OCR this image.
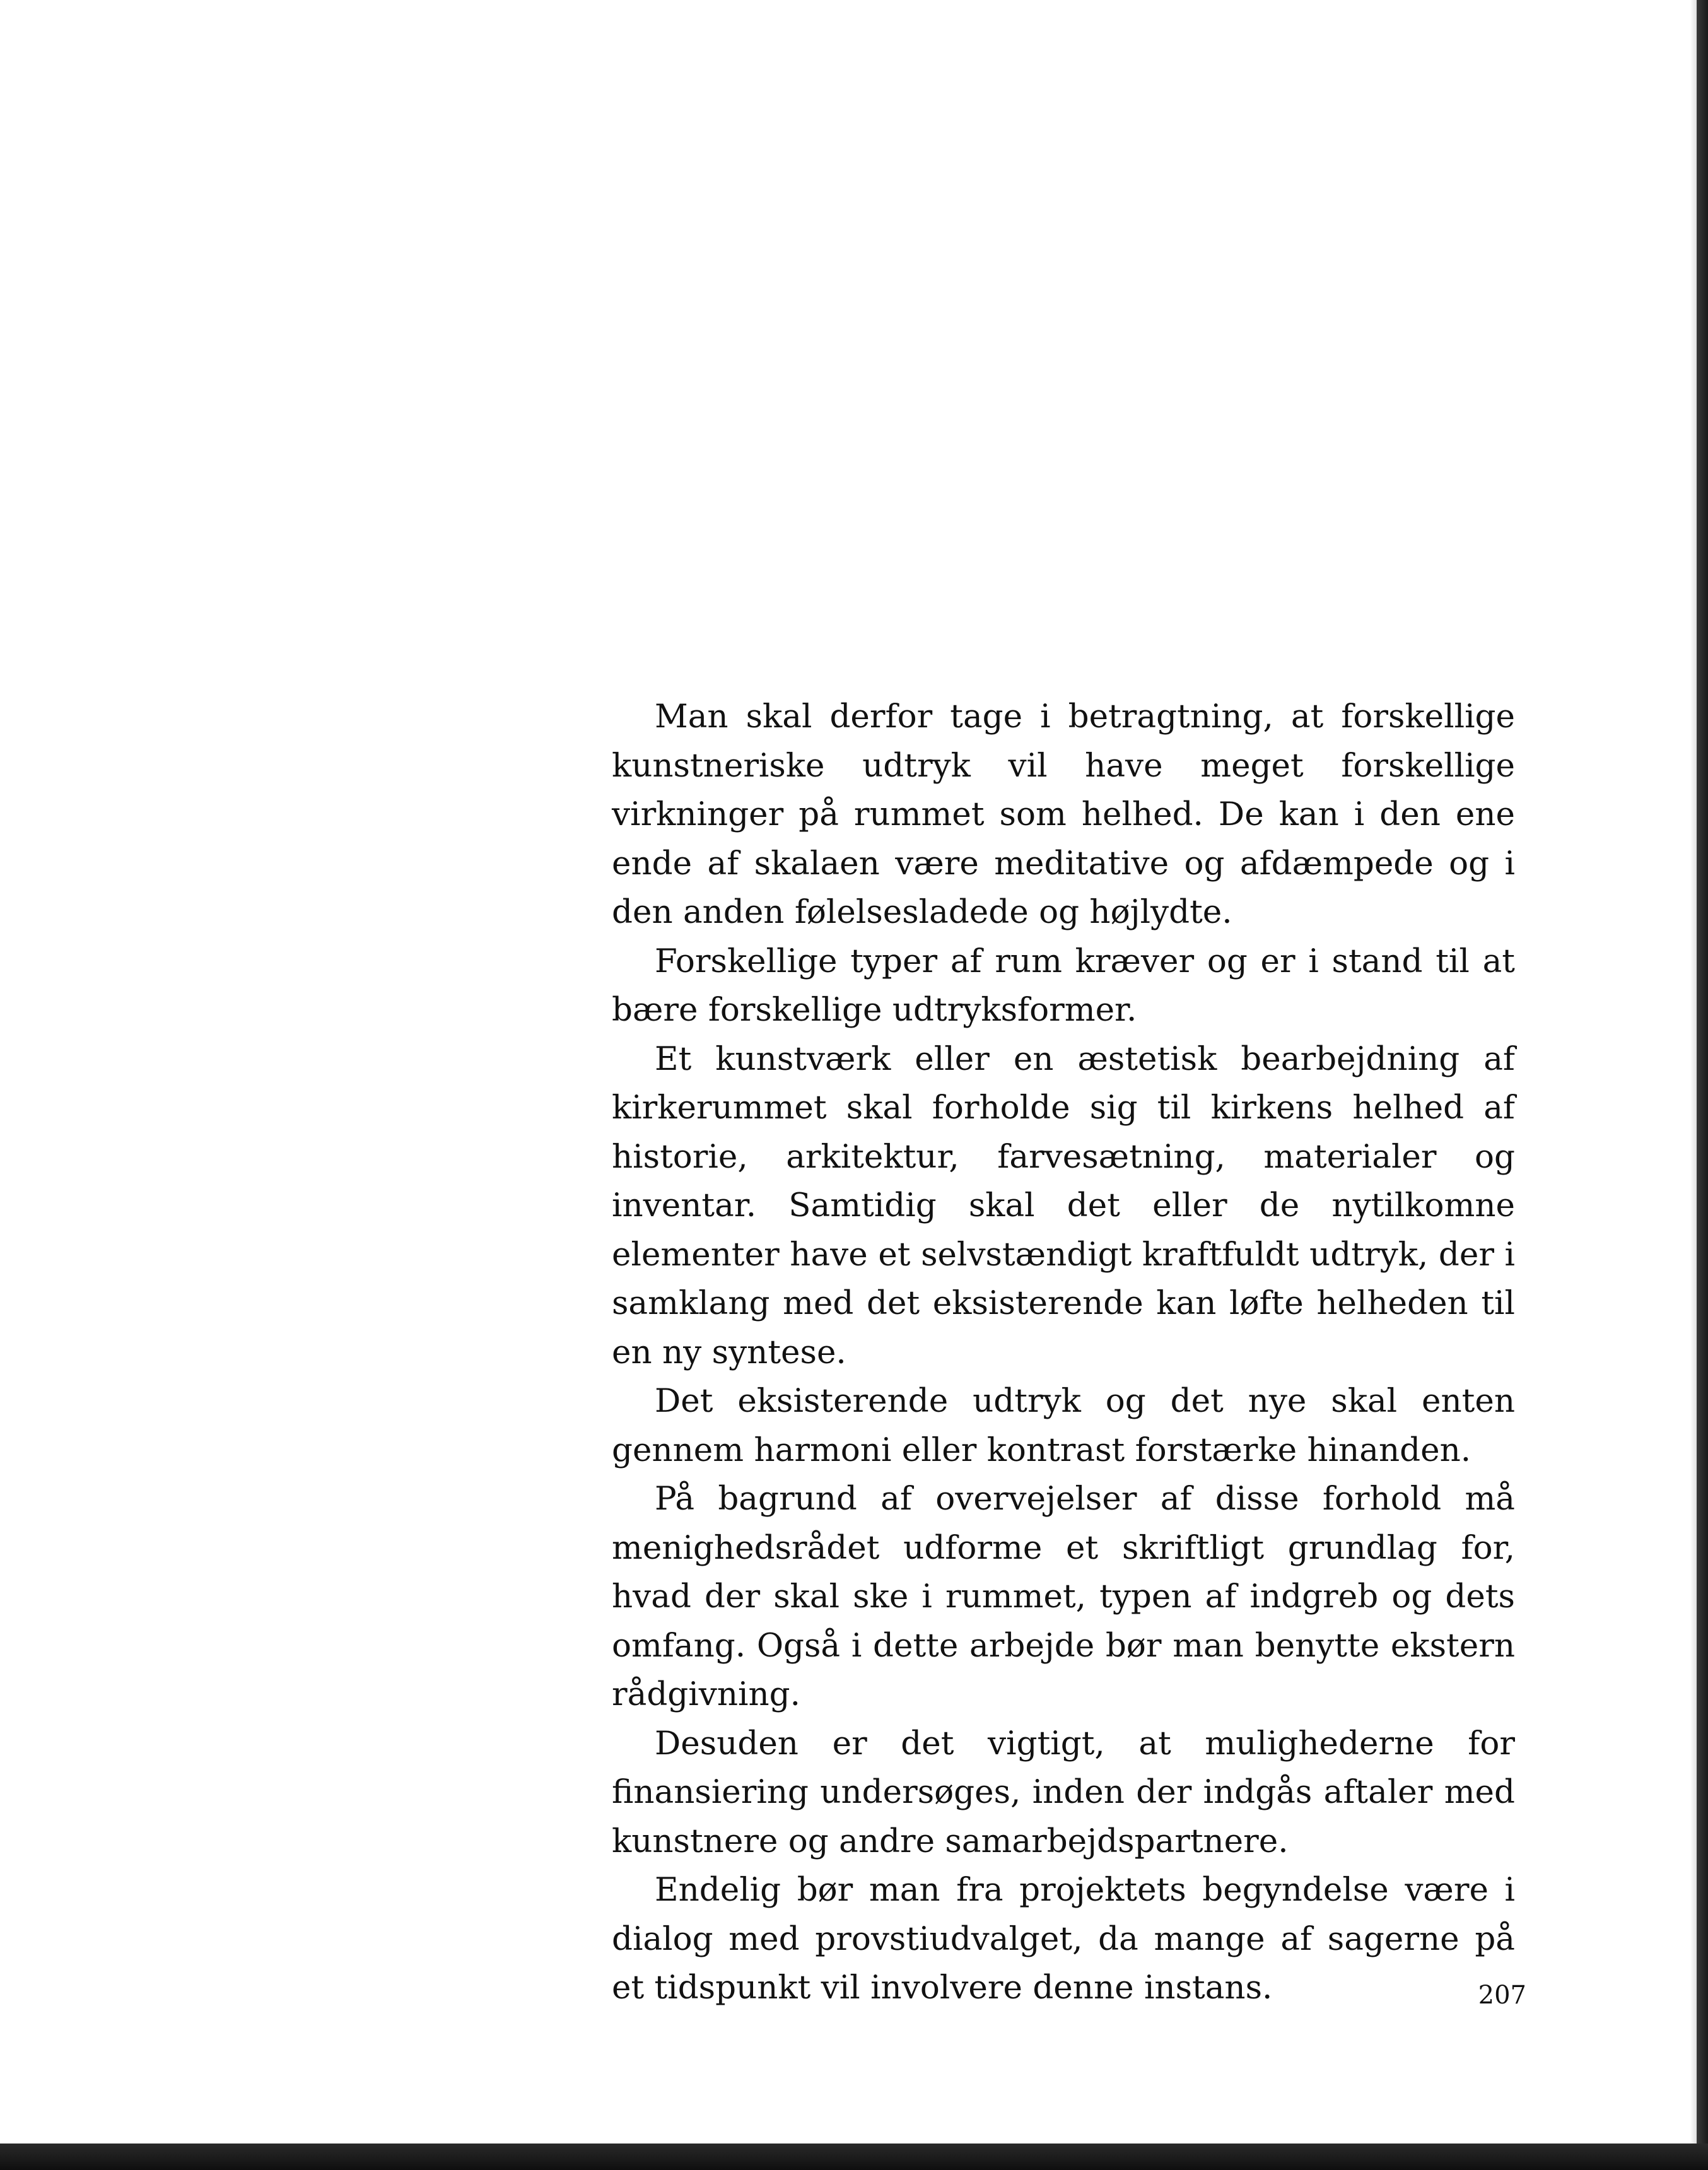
Man skal derfor tage i betragtning, at forskellige kunstneriske udtryk vil have meget forskellige virkninger på rummet som helhed. De kan i den ene ende af skalaen være meditative og afdæmpede og i den anden følelsesladede og højlydte.

Forskellige typer af rum kræver og er i stand til at bære forskellige udtryksformer.

Et kunstværk eller en æstetisk bearbejdning af kirkerummet skal forholde sig til kirkens helhed af historie, arkitektur, farvesætning, materialer og inventar. Samtidig skal det eller de nytilkomne elementer have et selvstændigt kraftfuldt udtryk, der i samklang med det eksisterende kan løfte helheden til en ny syntese.

Det eksisterende udtryk og det nye skal enten gennem harmoni eller kontrast forstærke hinanden.

På bagrund af overvejelser af disse forhold må menighedsrådet udforme et skriftligt grundlag for, hvad der skal ske i rummet, typen af indgreb og dets omfang. Også i dette arbejde bør man benytte ekstern rådgivning.

Desuden er det vigtigt, at mulighederne for finansiering undersøges, inden der indgås aftaler med kunstnere og andre samarbejdspartnere.

Endelig bør man fra projektets begyndelse være i dialog med provstiudvalget, da mange af sagerne på et tidspunkt vil involvere denne instans.	207
